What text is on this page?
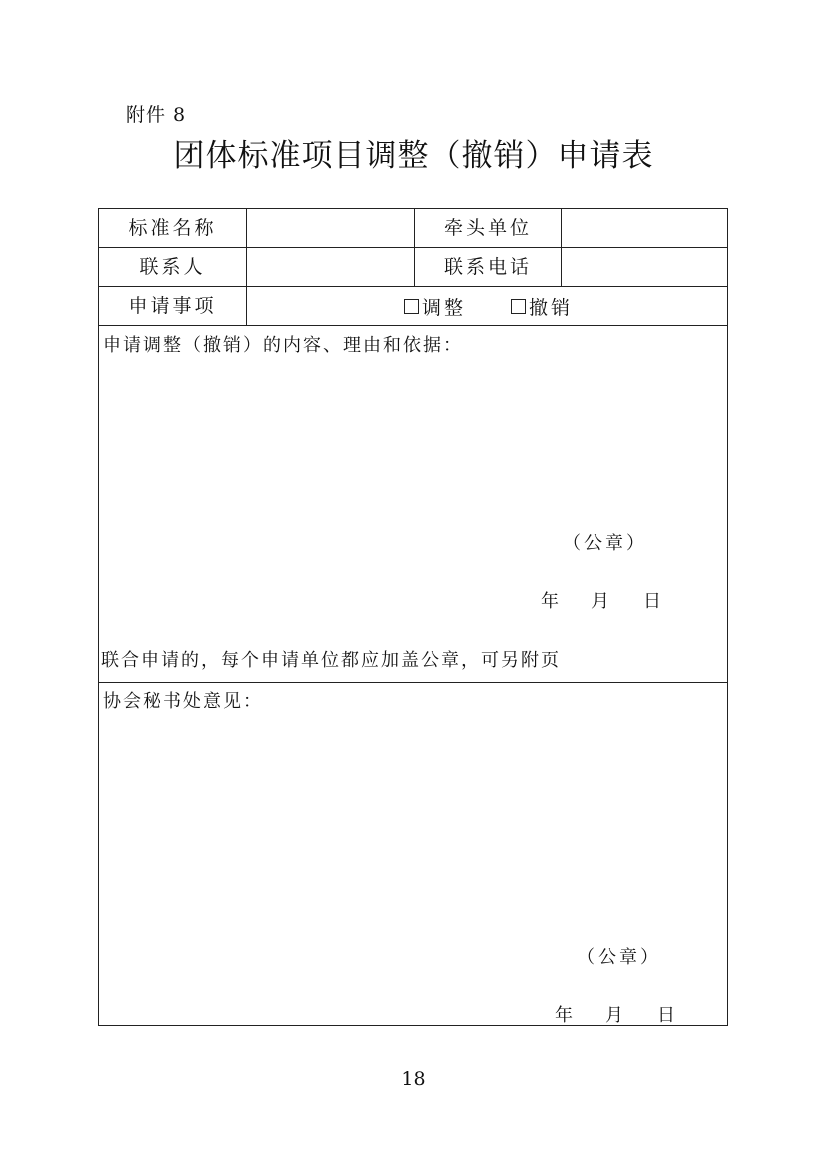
附件 8
团体标准项目调整（撤销）申请表
标准名称	牵头单位
联系人	联系电话
申请事项	调整	撤销
申请调整（撤销）的内容、理由和依据：
（公章）
年	月	日
联合申请的，每个申请单位都应加盖公章，可另附页
协会秘书处意见：
（公章）
年	月	日
18
